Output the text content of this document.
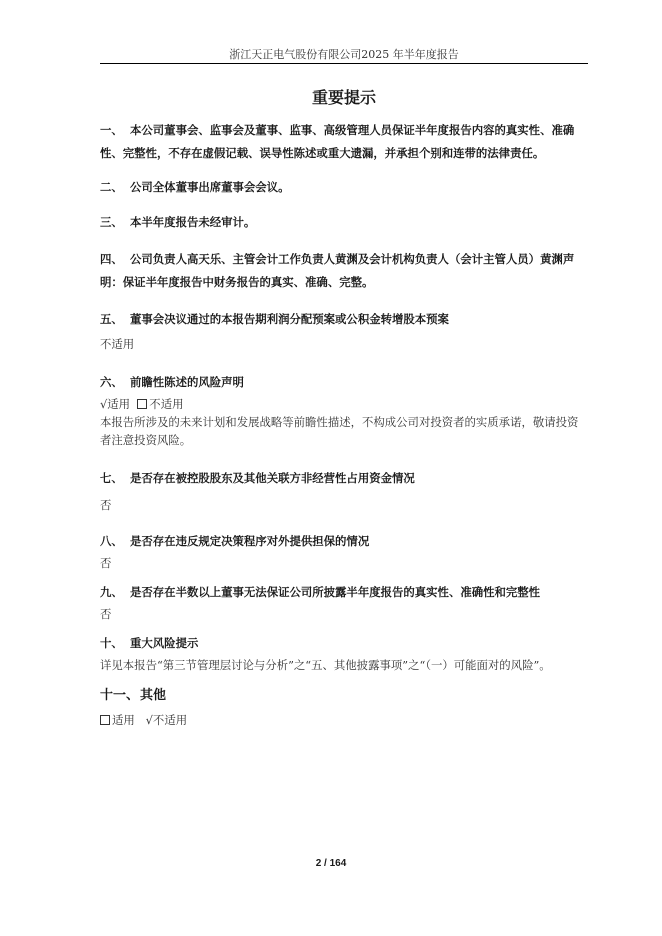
浙江天正电气股份有限公司2025 年半年度报告
重要提示
一、 本公司董事会、监事会及董事、监事、高级管理人员保证半年度报告内容的真实性、准确
性、完整性，不存在虚假记载、误导性陈述或重大遗漏，并承担个别和连带的法律责任。
二、 公司全体董事出席董事会会议。
三、 本半年度报告未经审计。
四、 公司负责人高天乐、主管会计工作负责人黄渊及会计机构负责人（会计主管人员）黄渊声
明：保证半年度报告中财务报告的真实、准确、完整。
五、 董事会决议通过的本报告期利润分配预案或公积金转增股本预案
不适用
六、 前瞻性陈述的风险声明
√适用 不适用
本报告所涉及的未来计划和发展战略等前瞻性描述，不构成公司对投资者的实质承诺，敬请投资
者注意投资风险。
七、 是否存在被控股股东及其他关联方非经营性占用资金情况
否
八、 是否存在违反规定决策程序对外提供担保的情况
否
九、 是否存在半数以上董事无法保证公司所披露半年度报告的真实性、准确性和完整性
否
十、 重大风险提示
详见本报告“第三节管理层讨论与分析”之“五、其他披露事项”之“（一）可能面对的风险”。
十一、其他
适用 √不适用
2 / 164
